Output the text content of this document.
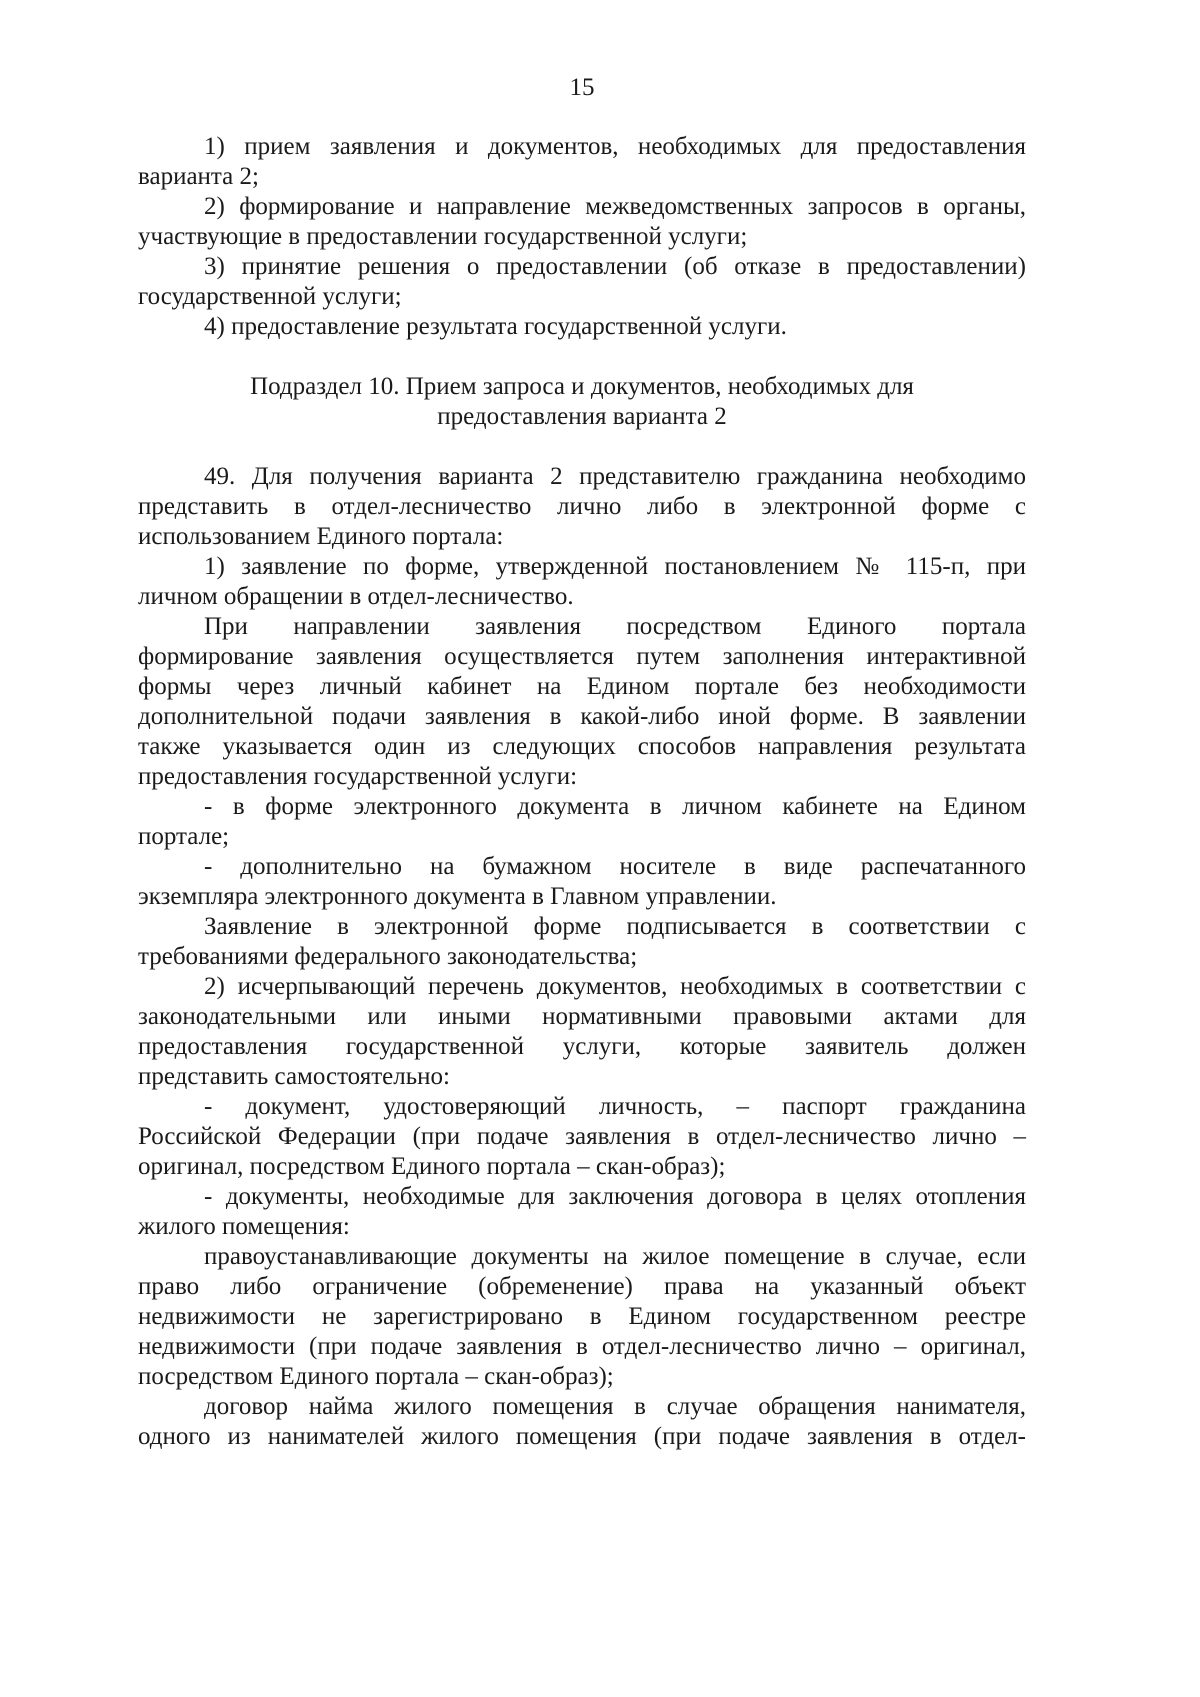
15
1) прием заявления и документов, необходимых для предоставления
варианта 2;
2) формирование и направление межведомственных запросов в органы,
участвующие в предоставлении государственной услуги;
3) принятие решения о предоставлении (об отказе в предоставлении)
государственной услуги;
4) предоставление результата государственной услуги.
Подраздел 10. Прием запроса и документов, необходимых для
предоставления варианта 2
49. Для получения варианта 2 представителю гражданина необходимо
представить в отдел-лесничество лично либо в электронной форме с
использованием Единого портала:
1) заявление по форме, утвержденной постановлением № 115-п, при
личном обращении в отдел-лесничество.
При направлении заявления посредством Единого портала
формирование заявления осуществляется путем заполнения интерактивной
формы через личный кабинет на Едином портале без необходимости
дополнительной подачи заявления в какой-либо иной форме. В заявлении
также указывается один из следующих способов направления результата
предоставления государственной услуги:
- в форме электронного документа в личном кабинете на Едином
портале;
- дополнительно на бумажном носителе в виде распечатанного
экземпляра электронного документа в Главном управлении.
Заявление в электронной форме подписывается в соответствии с
требованиями федерального законодательства;
2) исчерпывающий перечень документов, необходимых в соответствии с
законодательными или иными нормативными правовыми актами для
предоставления государственной услуги, которые заявитель должен
представить самостоятельно:
- документ, удостоверяющий личность, – паспорт гражданина
Российской Федерации (при подаче заявления в отдел-лесничество лично –
оригинал, посредством Единого портала – скан-образ);
- документы, необходимые для заключения договора в целях отопления
жилого помещения:
правоустанавливающие документы на жилое помещение в случае, если
право либо ограничение (обременение) права на указанный объект
недвижимости не зарегистрировано в Едином государственном реестре
недвижимости (при подаче заявления в отдел-лесничество лично – оригинал,
посредством Единого портала – скан-образ);
договор найма жилого помещения в случае обращения нанимателя,
одного из нанимателей жилого помещения (при подаче заявления в отдел-
